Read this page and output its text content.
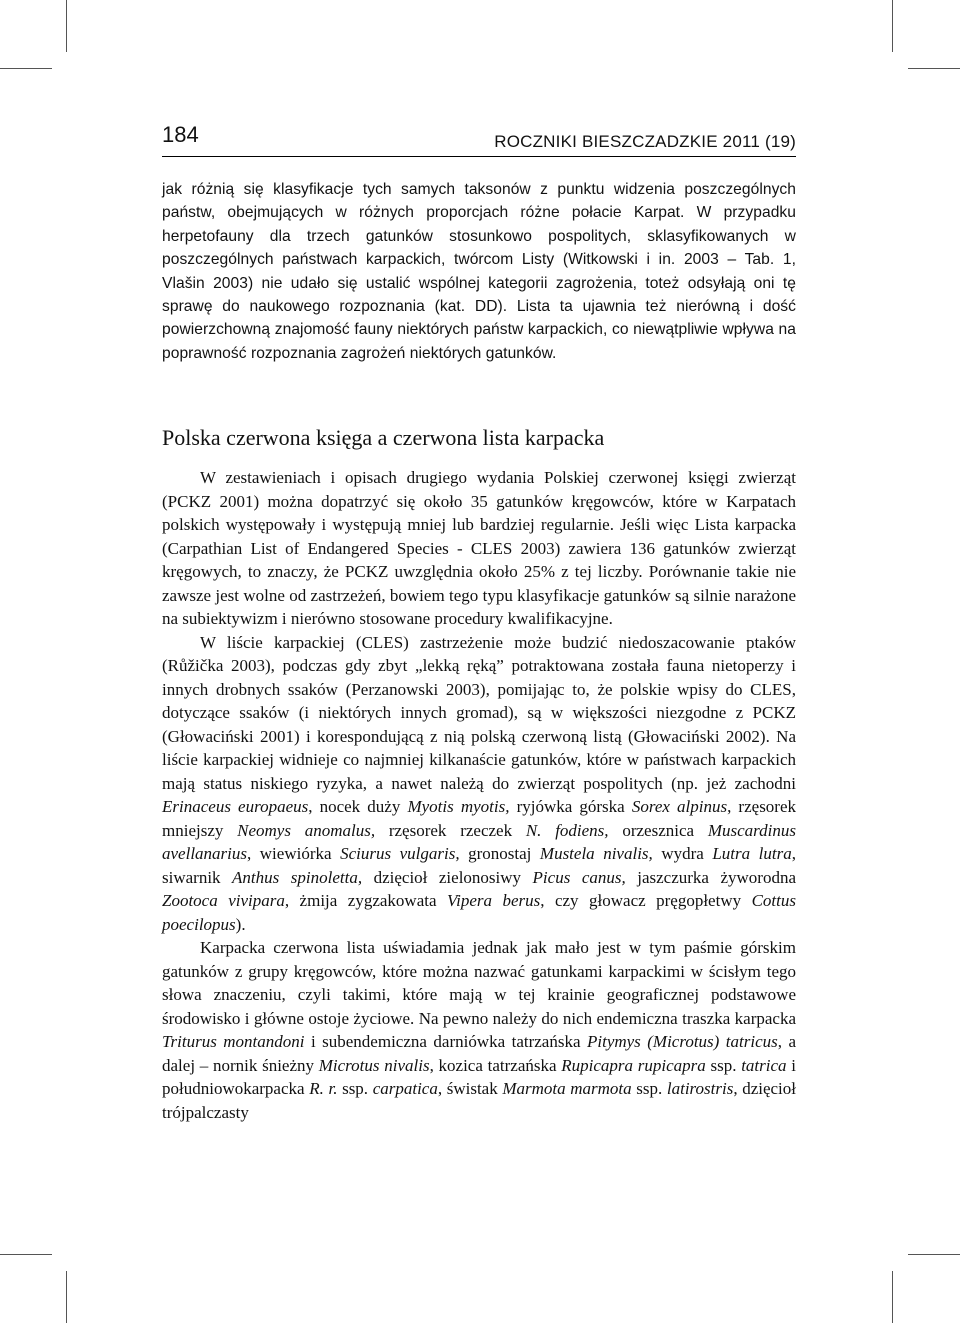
184	ROCZNIKI BIESZCZADZKIE 2011 (19)

jak różnią się klasyfikacje tych samych taksonów z punktu widzenia poszczególnych państw, obejmujących w różnych proporcjach różne połacie Karpat. W przypadku herpetofauny dla trzech gatunków stosunkowo pospolitych, sklasyfikowanych w poszczególnych państwach karpackich, twórcom Listy (Witkowski i in. 2003 – Tab. 1, Vlašin 2003) nie udało się ustalić wspólnej kategorii zagrożenia, toteż odsyłają oni tę sprawę do naukowego rozpoznania (kat. DD). Lista ta ujawnia też nierówną i dość powierzchowną znajomość fauny niektórych państw karpackich, co niewątpliwie wpływa na poprawność rozpoznania zagrożeń niektórych gatunków.

Polska czerwona księga a czerwona lista karpacka

W zestawieniach i opisach drugiego wydania Polskiej czerwonej księgi zwierząt (PCKZ 2001) można dopatrzyć się około 35 gatunków kręgowców, które w Karpatach polskich występowały i występują mniej lub bardziej regularnie. Jeśli więc Lista karpacka (Carpathian List of Endangered Species - CLES 2003) zawiera 136 gatunków zwierząt kręgowych, to znaczy, że PCKZ uwzględnia około 25% z tej liczby. Porównanie takie nie zawsze jest wolne od zastrzeżeń, bowiem tego typu klasyfikacje gatunków są silnie narażone na subiektywizm i nierówno stosowane procedury kwalifikacyjne.

W liście karpackiej (CLES) zastrzeżenie może budzić niedoszacowanie ptaków (Růžička 2003), podczas gdy zbyt „lekką ręką” potraktowana została fauna nietoperzy i innych drobnych ssaków (Perzanowski 2003), pomijając to, że polskie wpisy do CLES, dotyczące ssaków (i niektórych innych gromad), są w większości niezgodne z PCKZ (Głowaciński 2001) i korespondującą z nią polską czerwoną listą (Głowaciński 2002). Na liście karpackiej widnieje co najmniej kilkanaście gatunków, które w państwach karpackich mają status niskiego ryzyka, a nawet należą do zwierząt pospolitych (np. jeż zachodni Erinaceus europaeus, nocek duży Myotis myotis, ryjówka górska Sorex alpinus, rzęsorek mniejszy Neomys anomalus, rzęsorek rzeczek N. fodiens, orzesznica Muscardinus avellanarius, wiewiórka Sciurus vulgaris, gronostaj Mustela nivalis, wydra Lutra lutra, siwarnik Anthus spinoletta, dzięcioł zielonosiwy Picus canus, jaszczurka żyworodna Zootoca vivipara, żmija zygzakowata Vipera berus, czy głowacz pręgopłetwy Cottus poecilopus).

Karpacka czerwona lista uświadamia jednak jak mało jest w tym paśmie górskim gatunków z grupy kręgowców, które można nazwać gatunkami karpackimi w ścisłym tego słowa znaczeniu, czyli takimi, które mają w tej krainie geograficznej podstawowe środowisko i główne ostoje życiowe. Na pewno należy do nich endemiczna traszka karpacka Triturus montandoni i subendemiczna darniówka tatrzańska Pitymys (Microtus) tatricus, a dalej – nornik śnieżny Microtus nivalis, kozica tatrzańska Rupicapra rupicapra ssp. tatrica i południowokarpacka R. r. ssp. carpatica, świstak Marmota marmota ssp. latirostris, dzięcioł trójpalczasty
